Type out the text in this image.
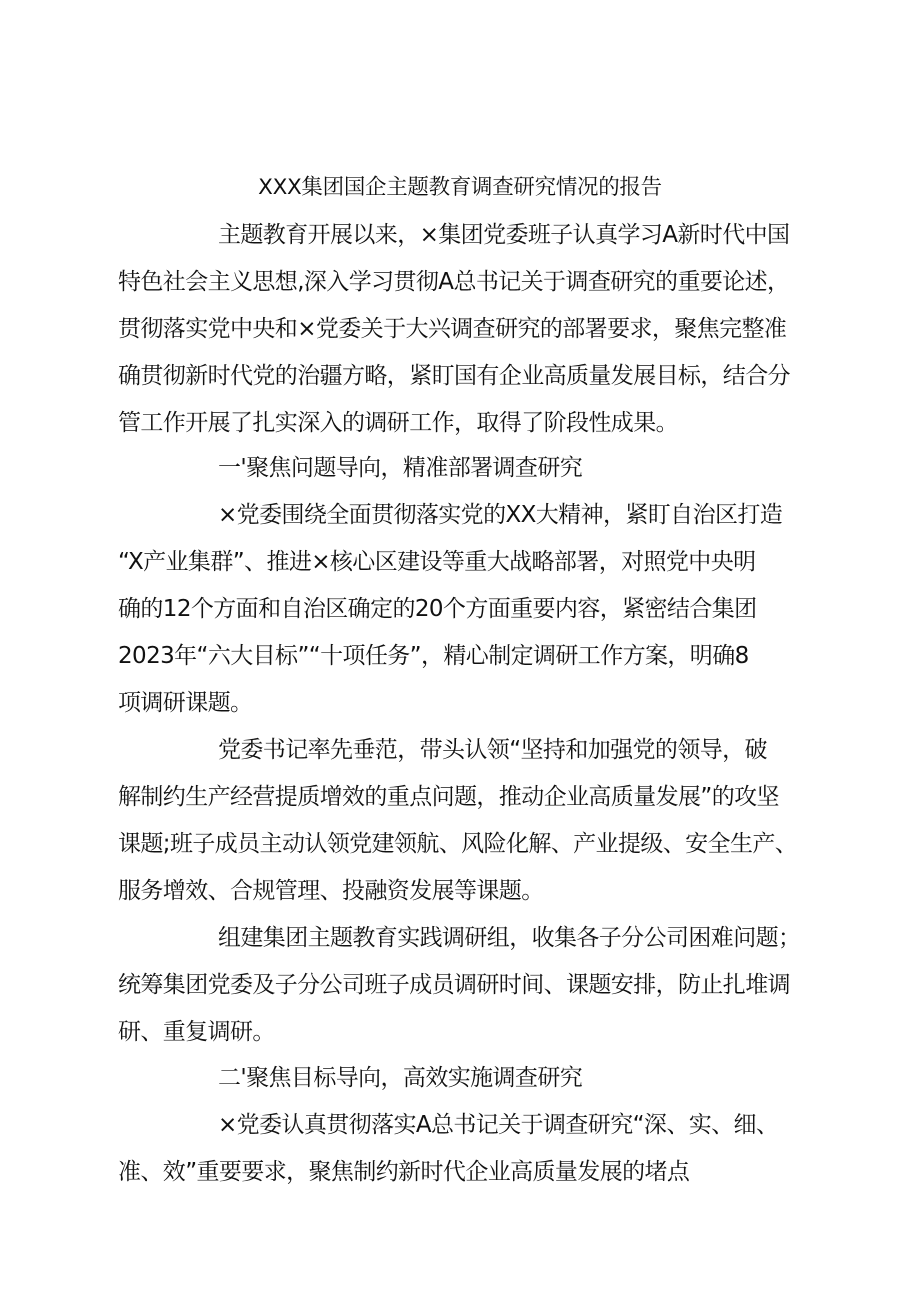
XXX集团国企主题教育调查研究情况的报告
主题教育开展以来，×集团党委班子认真学习A新时代中国
特色社会主义思想,深入学习贯彻A总书记关于调查研究的重要论述，
贯彻落实党中央和×党委关于大兴调查研究的部署要求，聚焦完整准
确贯彻新时代党的治疆方略，紧盯国有企业高质量发展目标，结合分
管工作开展了扎实深入的调研工作，取得了阶段性成果。
一'聚焦问题导向，精准部署调查研究
×党委围绕全面贯彻落实党的XX大精神，紧盯自治区打造
“X产业集群”、推进×核心区建设等重大战略部署，对照党中央明
确的12个方面和自治区确定的20个方面重要内容，紧密结合集团
2023年“六大目标”“十项任务”，精心制定调研工作方案，明确8
项调研课题。
党委书记率先垂范，带头认领“坚持和加强党的领导，破
解制约生产经营提质增效的重点问题，推动企业高质量发展”的攻坚
课题;班子成员主动认领党建领航、风险化解、产业提级、安全生产、
服务增效、合规管理、投融资发展等课题。
组建集团主题教育实践调研组，收集各子分公司困难问题；
统筹集团党委及子分公司班子成员调研时间、课题安排，防止扎堆调
研、重复调研。
二'聚焦目标导向，高效实施调查研究
×党委认真贯彻落实A总书记关于调查研究“深、实、细、
准、效”重要要求，聚焦制约新时代企业高质量发展的堵点
